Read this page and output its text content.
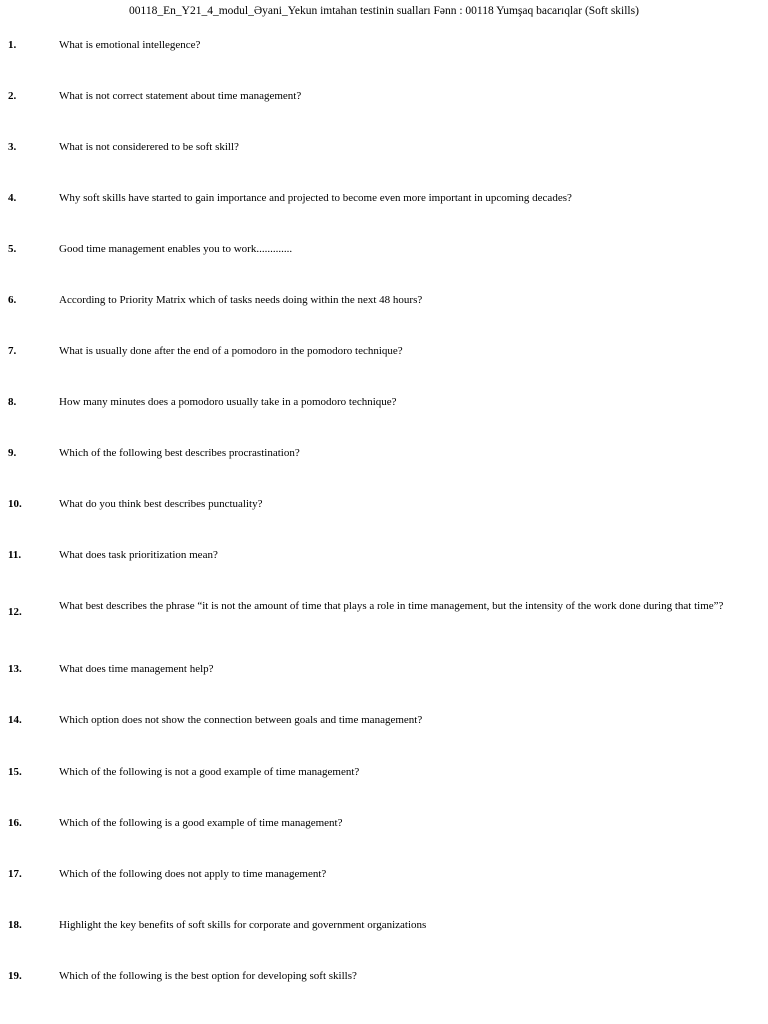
00118_En_Y21_4_modul_Əyani_Yekun imtahan testinin sualları Fənn : 00118 Yumşaq bacarıqlar (Soft skills)
1.	What is emotional intellegence?
2.	What is not correct statement about time management?
3.	What is not considerered to be soft skill?
4.	Why soft skills have started to gain importance and projected to become even more important in upcoming decades?
5.	Good time management enables you to work.............
6.	According to Priority Matrix which of tasks needs doing within the next 48 hours?
7.	What is usually done after the end of a pomodoro in the pomodoro technique?
8.	How many minutes does a pomodoro usually take in a pomodoro technique?
9.	Which of the following best describes procrastination?
10.	What do you think best describes punctuality?
11.	What does task prioritization mean?
12.	What best describes the phrase “it is not the amount of time that plays a role in time management, but the intensity of the work done during that time”?
13.	What does time management help?
14.	Which option does not show the connection between goals and time management?
15.	Which of the following is not a good example of time management?
16.	Which of the following is a good example of time management?
17.	Which of the following does not apply to time management?
18.	Highlight the key benefits of soft skills for corporate and government organizations
19.	Which of the following is the best option for developing soft skills?
